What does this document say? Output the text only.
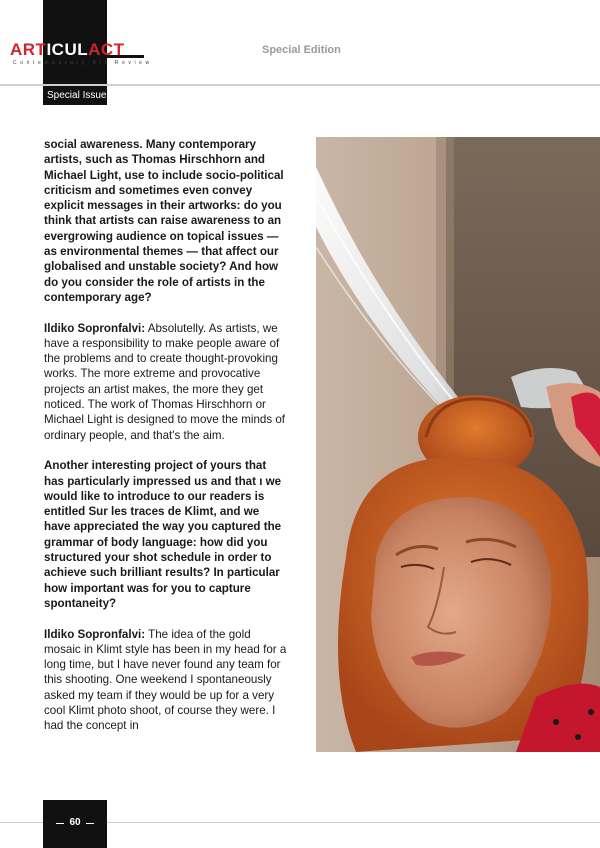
ARTICULACTION
Contemporary Art Review
Special Edition
Special Issue

social awareness. Many contemporary artists, such as Thomas Hirschhorn and Michael Light, use to include socio-political criticism and sometimes even convey explicit messages in their artworks: do you think that artists can raise awareness to an evergrowing audience on topical issues — as environmental themes — that affect our globalised and unstable society? And how do you consider the role of artists in the contemporary age?

Ildiko Sopronfalvi: Absolutelly. As artists, we have a responsibility to make people aware of the problems and to create thought-provoking works. The more extreme and provocative projects an artist makes, the more they get noticed. The work of Thomas Hirschhorn or Michael Light is designed to move the minds of ordinary people, and that's the aim.

Another interesting project of yours that has particularly impressed us and that ı we would like to introduce to our readers is entitled Sur les traces de Klimt, and we have appreciated the way you captured the grammar of body language: how did you structured your shot schedule in order to achieve such brilliant results? In particular how important was for you to capture spontaneity?

Ildiko Sopronfalvi: The idea of the gold mosaic in Klimt style has been in my head for a long time, but I have never found any team for this shooting. One weekend I spontaneously asked my team if they would be up for a very cool Klimt photo shoot, of course they were. I had the concept in

60
